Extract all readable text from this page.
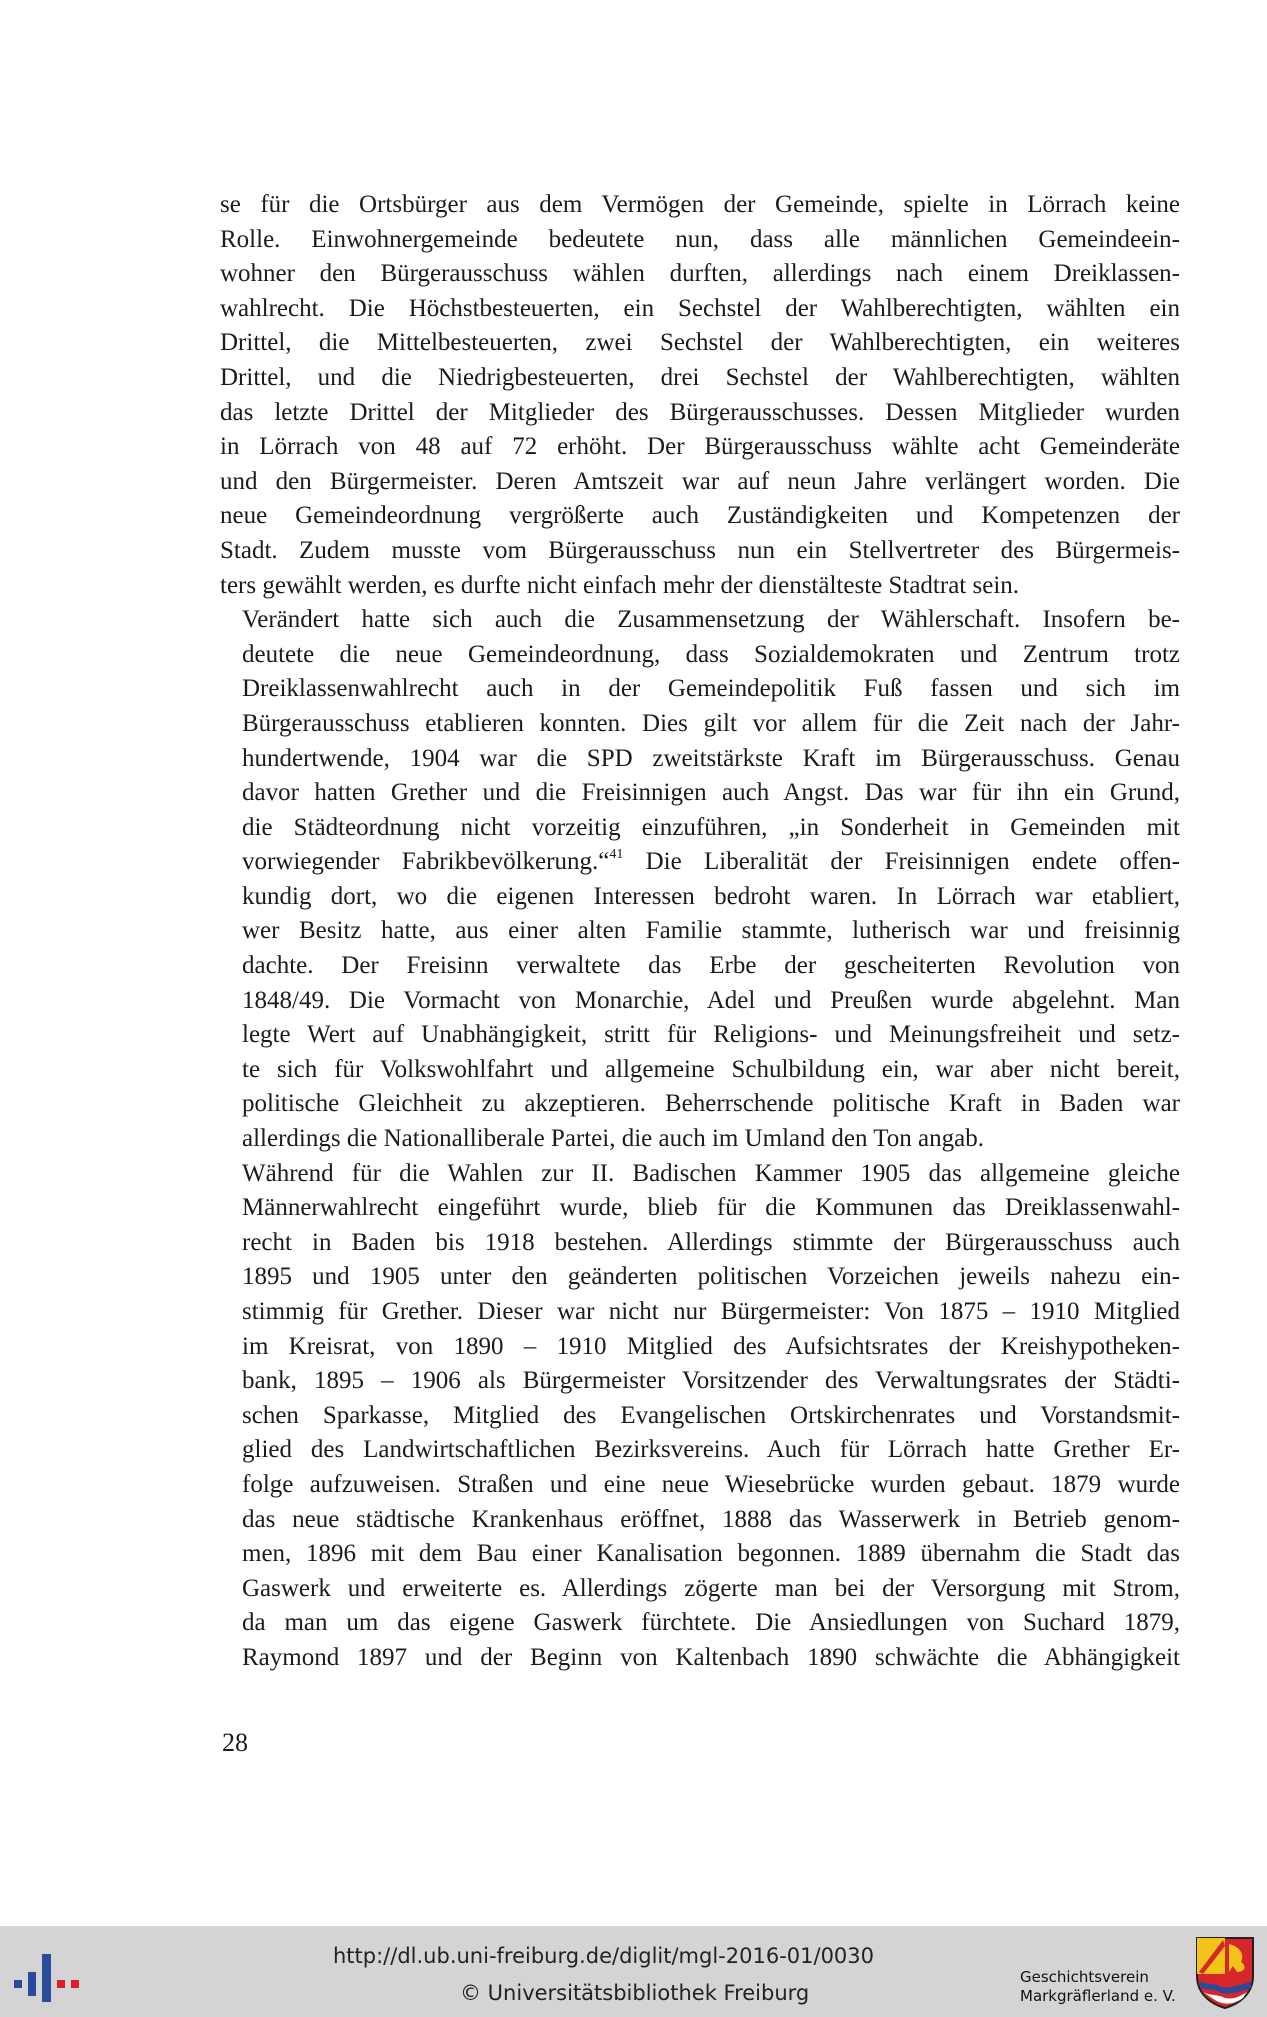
se für die Ortsbürger aus dem Vermögen der Gemeinde, spielte in Lörrach keine
Rolle. Einwohnergemeinde bedeutete nun, dass alle männlichen Gemeindeein-
wohner den Bürgerausschuss wählen durften, allerdings nach einem Dreiklassen-
wahlrecht. Die Höchstbesteuerten, ein Sechstel der Wahlberechtigten, wählten ein
Drittel, die Mittelbesteuerten, zwei Sechstel der Wahlberechtigten, ein weiteres
Drittel, und die Niedrigbesteuerten, drei Sechstel der Wahlberechtigten, wählten
das letzte Drittel der Mitglieder des Bürgerausschusses. Dessen Mitglieder wurden
in Lörrach von 48 auf 72 erhöht. Der Bürgerausschuss wählte acht Gemeinderäte
und den Bürgermeister. Deren Amtszeit war auf neun Jahre verlängert worden. Die
neue Gemeindeordnung vergrößerte auch Zuständigkeiten und Kompetenzen der
Stadt. Zudem musste vom Bürgerausschuss nun ein Stellvertreter des Bürgermeis-
ters gewählt werden, es durfte nicht einfach mehr der dienstälteste Stadtrat sein.

Verändert hatte sich auch die Zusammensetzung der Wählerschaft. Insofern be-
deutete die neue Gemeindeordnung, dass Sozialdemokraten und Zentrum trotz
Dreiklassenwahlrecht auch in der Gemeindepolitik Fuß fassen und sich im
Bürgerausschuss etablieren konnten. Dies gilt vor allem für die Zeit nach der Jahr-
hundertwende, 1904 war die SPD zweitstärkste Kraft im Bürgerausschuss. Genau
davor hatten Grether und die Freisinnigen auch Angst. Das war für ihn ein Grund,
die Städteordnung nicht vorzeitig einzuführen, „in Sonderheit in Gemeinden mit
vorwiegender Fabrikbevölkerung.“$^{41}$ Die Liberalität der Freisinnigen endete offen-
kundig dort, wo die eigenen Interessen bedroht waren. In Lörrach war etabliert,
wer Besitz hatte, aus einer alten Familie stammte, lutherisch war und freisinnig
dachte. Der Freisinn verwaltete das Erbe der gescheiterten Revolution von
1848/49. Die Vormacht von Monarchie, Adel und Preußen wurde abgelehnt. Man
legte Wert auf Unabhängigkeit, stritt für Religions- und Meinungsfreiheit und setz-
te sich für Volkswohlfahrt und allgemeine Schulbildung ein, war aber nicht bereit,
politische Gleichheit zu akzeptieren. Beherrschende politische Kraft in Baden war
allerdings die Nationalliberale Partei, die auch im Umland den Ton angab.

Während für die Wahlen zur II. Badischen Kammer 1905 das allgemeine gleiche
Männerwahlrecht eingeführt wurde, blieb für die Kommunen das Dreiklassenwahl-
recht in Baden bis 1918 bestehen. Allerdings stimmte der Bürgerausschuss auch
1895 und 1905 unter den geänderten politischen Vorzeichen jeweils nahezu ein-
stimmig für Grether. Dieser war nicht nur Bürgermeister: Von 1875 – 1910 Mitglied
im Kreisrat, von 1890 – 1910 Mitglied des Aufsichtsrates der Kreishypotheken-
bank, 1895 – 1906 als Bürgermeister Vorsitzender des Verwaltungsrates der Städti-
schen Sparkasse, Mitglied des Evangelischen Ortskirchenrates und Vorstandsmit-
glied des Landwirtschaftlichen Bezirksvereins. Auch für Lörrach hatte Grether Er-
folge aufzuweisen. Straßen und eine neue Wiesebrücke wurden gebaut. 1879 wurde
das neue städtische Krankenhaus eröffnet, 1888 das Wasserwerk in Betrieb genom-
men, 1896 mit dem Bau einer Kanalisation begonnen. 1889 übernahm die Stadt das
Gaswerk und erweiterte es. Allerdings zögerte man bei der Versorgung mit Strom,
da man um das eigene Gaswerk fürchtete. Die Ansiedlungen von Suchard 1879,
Raymond 1897 und der Beginn von Kaltenbach 1890 schwächte die Abhängigkeit

28

http://dl.ub.uni-freiburg.de/diglit/mgl-2016-01/0030
© Universitätsbibliothek Freiburg
Geschichtsverein
Markgräflerland e. V.
